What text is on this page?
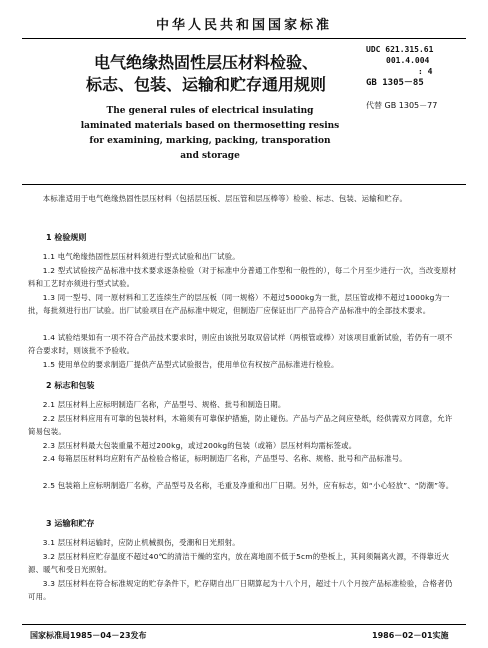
中华人民共和国国家标准
电气绝缘热固性层压材料检验、
标志、包装、运输和贮存通用规则
UDC 621.315.61
001.4.004
: 4
GB 1305－85
The general rules of electrical insulating laminated materials based on thermosetting resins for examining, marking, packing, transporation and storage
代替 GB 1305－77
本标准适用于电气绝缘热固性层压材料（包括层压板、层压管和层压棒等）检验、标志、包装、运输和贮存。
1 检验规则
1.1 电气绝缘热固性层压材料须进行型式试验和出厂试验。
1.2 型式试验按产品标准中技术要求逐条检验（对于标准中分普通工作型和一般性的），每二个月至少进行一次，当改变原材料和工艺时亦须进行型式试验。
1.3 同一型号、同一原材料和工艺连续生产的层压板（同一规格）不超过5000kg为一批，层压管或棒不超过1000kg为一批，每批须进行出厂试验。出厂试验项目在产品标准中规定，但制造厂应保证出厂产品符合产品标准中的全部技术要求。
1.4 试验结果如有一项不符合产品技术要求时，则应由该批另取双倍试样（两根管或棒）对该项目重新试验，若仍有一项不符合要求时，则该批不予验收。
1.5 使用单位的要求制造厂提供产品型式试验报告，使用单位有权按产品标准进行检验。
2 标志和包装
2.1 层压材料上应标明制造厂名称，产品型号、规格、批号和制造日期。
2.2 层压材料应用有可靠的包装材料，木箱须有可靠保护措施，防止碰伤。产品与产品之间应垫纸，经供需双方同意，允许简易包装。
2.3 层压材料最大包装重量不超过200kg，或过200kg的包装（或箱）层压材料均需标签或。
2.4 每箱层压材料均应附有产品检验合格证，标明制造厂名称，产品型号、名称、规格、批号和产品标准号。
2.5 包装箱上应标明制造厂名称，产品型号及名称，毛重及净重和出厂日期。另外，应有标志，如“小心轻放”、“防潮”等。
3 运输和贮存
3.1 层压材料运输时，应防止机械损伤，受潮和日光照射。
3.2 层压材料应贮存温度不超过40℃的清洁干燥的室内，放在离地面不低于5cm的垫板上，其间须隔离火源，不得靠近火源、暖气和受日光照射。
3.3 层压材料在符合标准规定的贮存条件下，贮存期自出厂日期算起为十八个月，超过十八个月按产品标准检验，合格者仍可用。
国家标准局1985－04－23发布	1986－02－01实施
